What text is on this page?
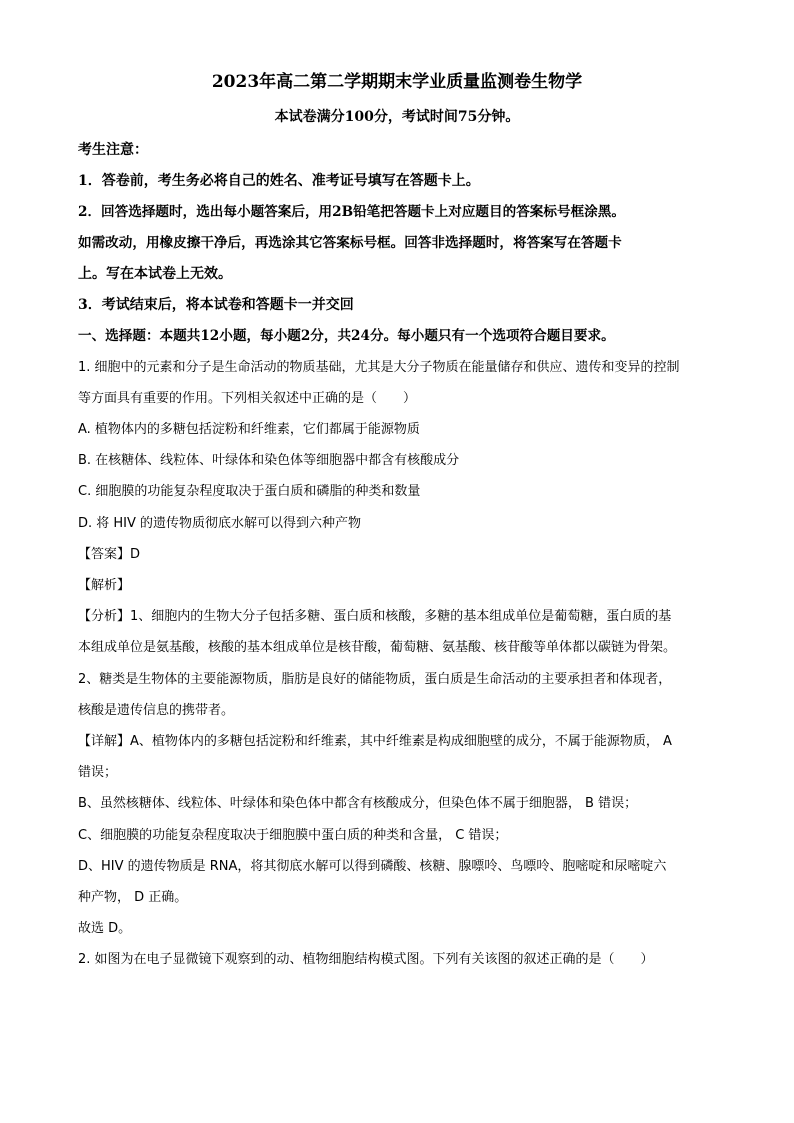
2023年高二第二学期期末学业质量监测卷生物学
本试卷满分100分，考试时间75分钟。
考生注意：
1．答卷前，考生务必将自己的姓名、准考证号填写在答题卡上。
2．回答选择题时，选出每小题答案后，用2B铅笔把答题卡上对应题目的答案标号框涂黑。
如需改动，用橡皮擦干净后，再选涂其它答案标号框。回答非选择题时，将答案写在答题卡
上。写在本试卷上无效。
3．考试结束后，将本试卷和答题卡一并交回
一、选择题：本题共12小题，每小题2分，共24分。每小题只有一个选项符合题目要求。
1. 细胞中的元素和分子是生命活动的物质基础，尤其是大分子物质在能量储存和供应、遗传和变异的控制
等方面具有重要的作用。下列相关叙述中正确的是（　　）
A. 植物体内的多糖包括淀粉和纤维素，它们都属于能源物质
B. 在核糖体、线粒体、叶绿体和染色体等细胞器中都含有核酸成分
C. 细胞膜的功能复杂程度取决于蛋白质和磷脂的种类和数量
D. 将 HIV 的遗传物质彻底水解可以得到六种产物
【答案】D
【解析】
【分析】1、细胞内的生物大分子包括多糖、蛋白质和核酸，多糖的基本组成单位是葡萄糖，蛋白质的基
本组成单位是氨基酸，核酸的基本组成单位是核苷酸，葡萄糖、氨基酸、核苷酸等单体都以碳链为骨架。
2、糖类是生物体的主要能源物质，脂肪是良好的储能物质，蛋白质是生命活动的主要承担者和体现者，
核酸是遗传信息的携带者。
【详解】A、植物体内的多糖包括淀粉和纤维素，其中纤维素是构成细胞壁的成分，不属于能源物质， A
错误；
B、虽然核糖体、线粒体、叶绿体和染色体中都含有核酸成分，但染色体不属于细胞器， B 错误；
C、细胞膜的功能复杂程度取决于细胞膜中蛋白质的种类和含量， C 错误；
D、HIV 的遗传物质是 RNA，将其彻底水解可以得到磷酸、核糖、腺嘌呤、鸟嘌呤、胞嘧啶和尿嘧啶六
种产物， D 正确。
故选 D。
2. 如图为在电子显微镜下观察到的动、植物细胞结构模式图。下列有关该图的叙述正确的是（　　）
